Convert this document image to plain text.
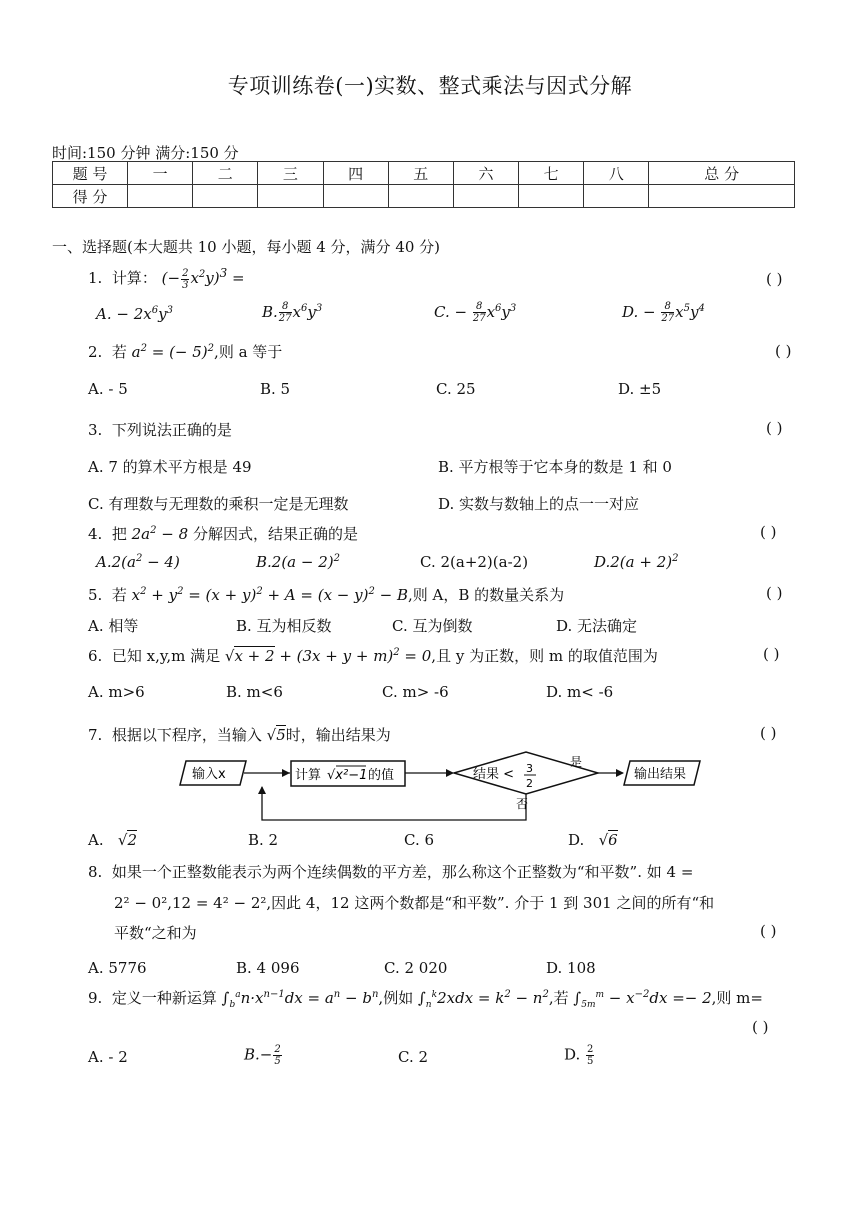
专项训练卷(一)实数、整式乘法与因式分解
时间:150 分钟 满分:150 分
题 号	一	二	三	四	五	六	七	八	总 分
得 分									
一、选择题(本大题共 10 小题，每小题 4 分，满分 40 分)
1. 计算： (− $\frac{2}{3} x^2y)^3$ =	( )
A. − $2x^6y^3$	B. $\frac{8}{27} x^6y^3$	C. − $\frac{8}{27} x^6y^3$	D. − $\frac{8}{27} x^5y^4$
2. 若 $a^2$ = (− 5)$^2$,则 a 等于	( )
A. - 5	B. 5	C. 25	D. ±5
3. 下列说法正确的是	( )
A. 7 的算术平方根是 49	B. 平方根等于它本身的数是 1 和 0
C. 有理数与无理数的乘积一定是无理数	D. 实数与数轴上的点一一对应
4. 把 $2a^2 - 8$ 分解因式，结果正确的是	( )
$A.2(a^2 - 4)$	$B.2(a - 2)^2$	C. 2(a+2)(a-2)	$D.2(a + 2)^2$
5. 若 $x^2 + y^2 = (x + y)^2 + A = (x - y)^2 - B$,则 A，B 的数量关系为	( )
A. 相等	B. 互为相反数	C. 互为倒数	D. 无法确定
6. 已知 x,y,m 满足 $√x + 2 + (3x + y + m)^2 = 0$,且 y 为正数，则 m 的取值范围为	( )
A. m>6	B. m<6	C. m> -6	D. m< -6
7. 根据以下程序，当输入 √5时，输出结果为	( )
输入x	计算 √x²−1 的值	结果 < 3
2
是
输出结果
否
A. √2	B. 2	C. 6	D. √6
8. 如果一个正整数能表示为两个连续偶数的平方差，那么称这个正整数为“和平数”. 如 4 =
2² − 0²,12 = 4² − 2²,因此 4，12 这两个数都是“和平数”. 介于 1 到 301 之间的所有“和
平数“之和为	( )
A. 5776	B. 4 096	C. 2 020	D. 108
9. 定义一种新运算 $\int_b^an\cdot x^{n-1}dx = a^n - b^n$,例如 $\int_n^k2xdx = k^2 - n^2$,若 $\int_{5m}^m - x^{-2}dx =- 2$,则 m=
( )
A. - 2	$B.- \frac{2}{5}$	C. 2	D. $\frac{2}{5}$
